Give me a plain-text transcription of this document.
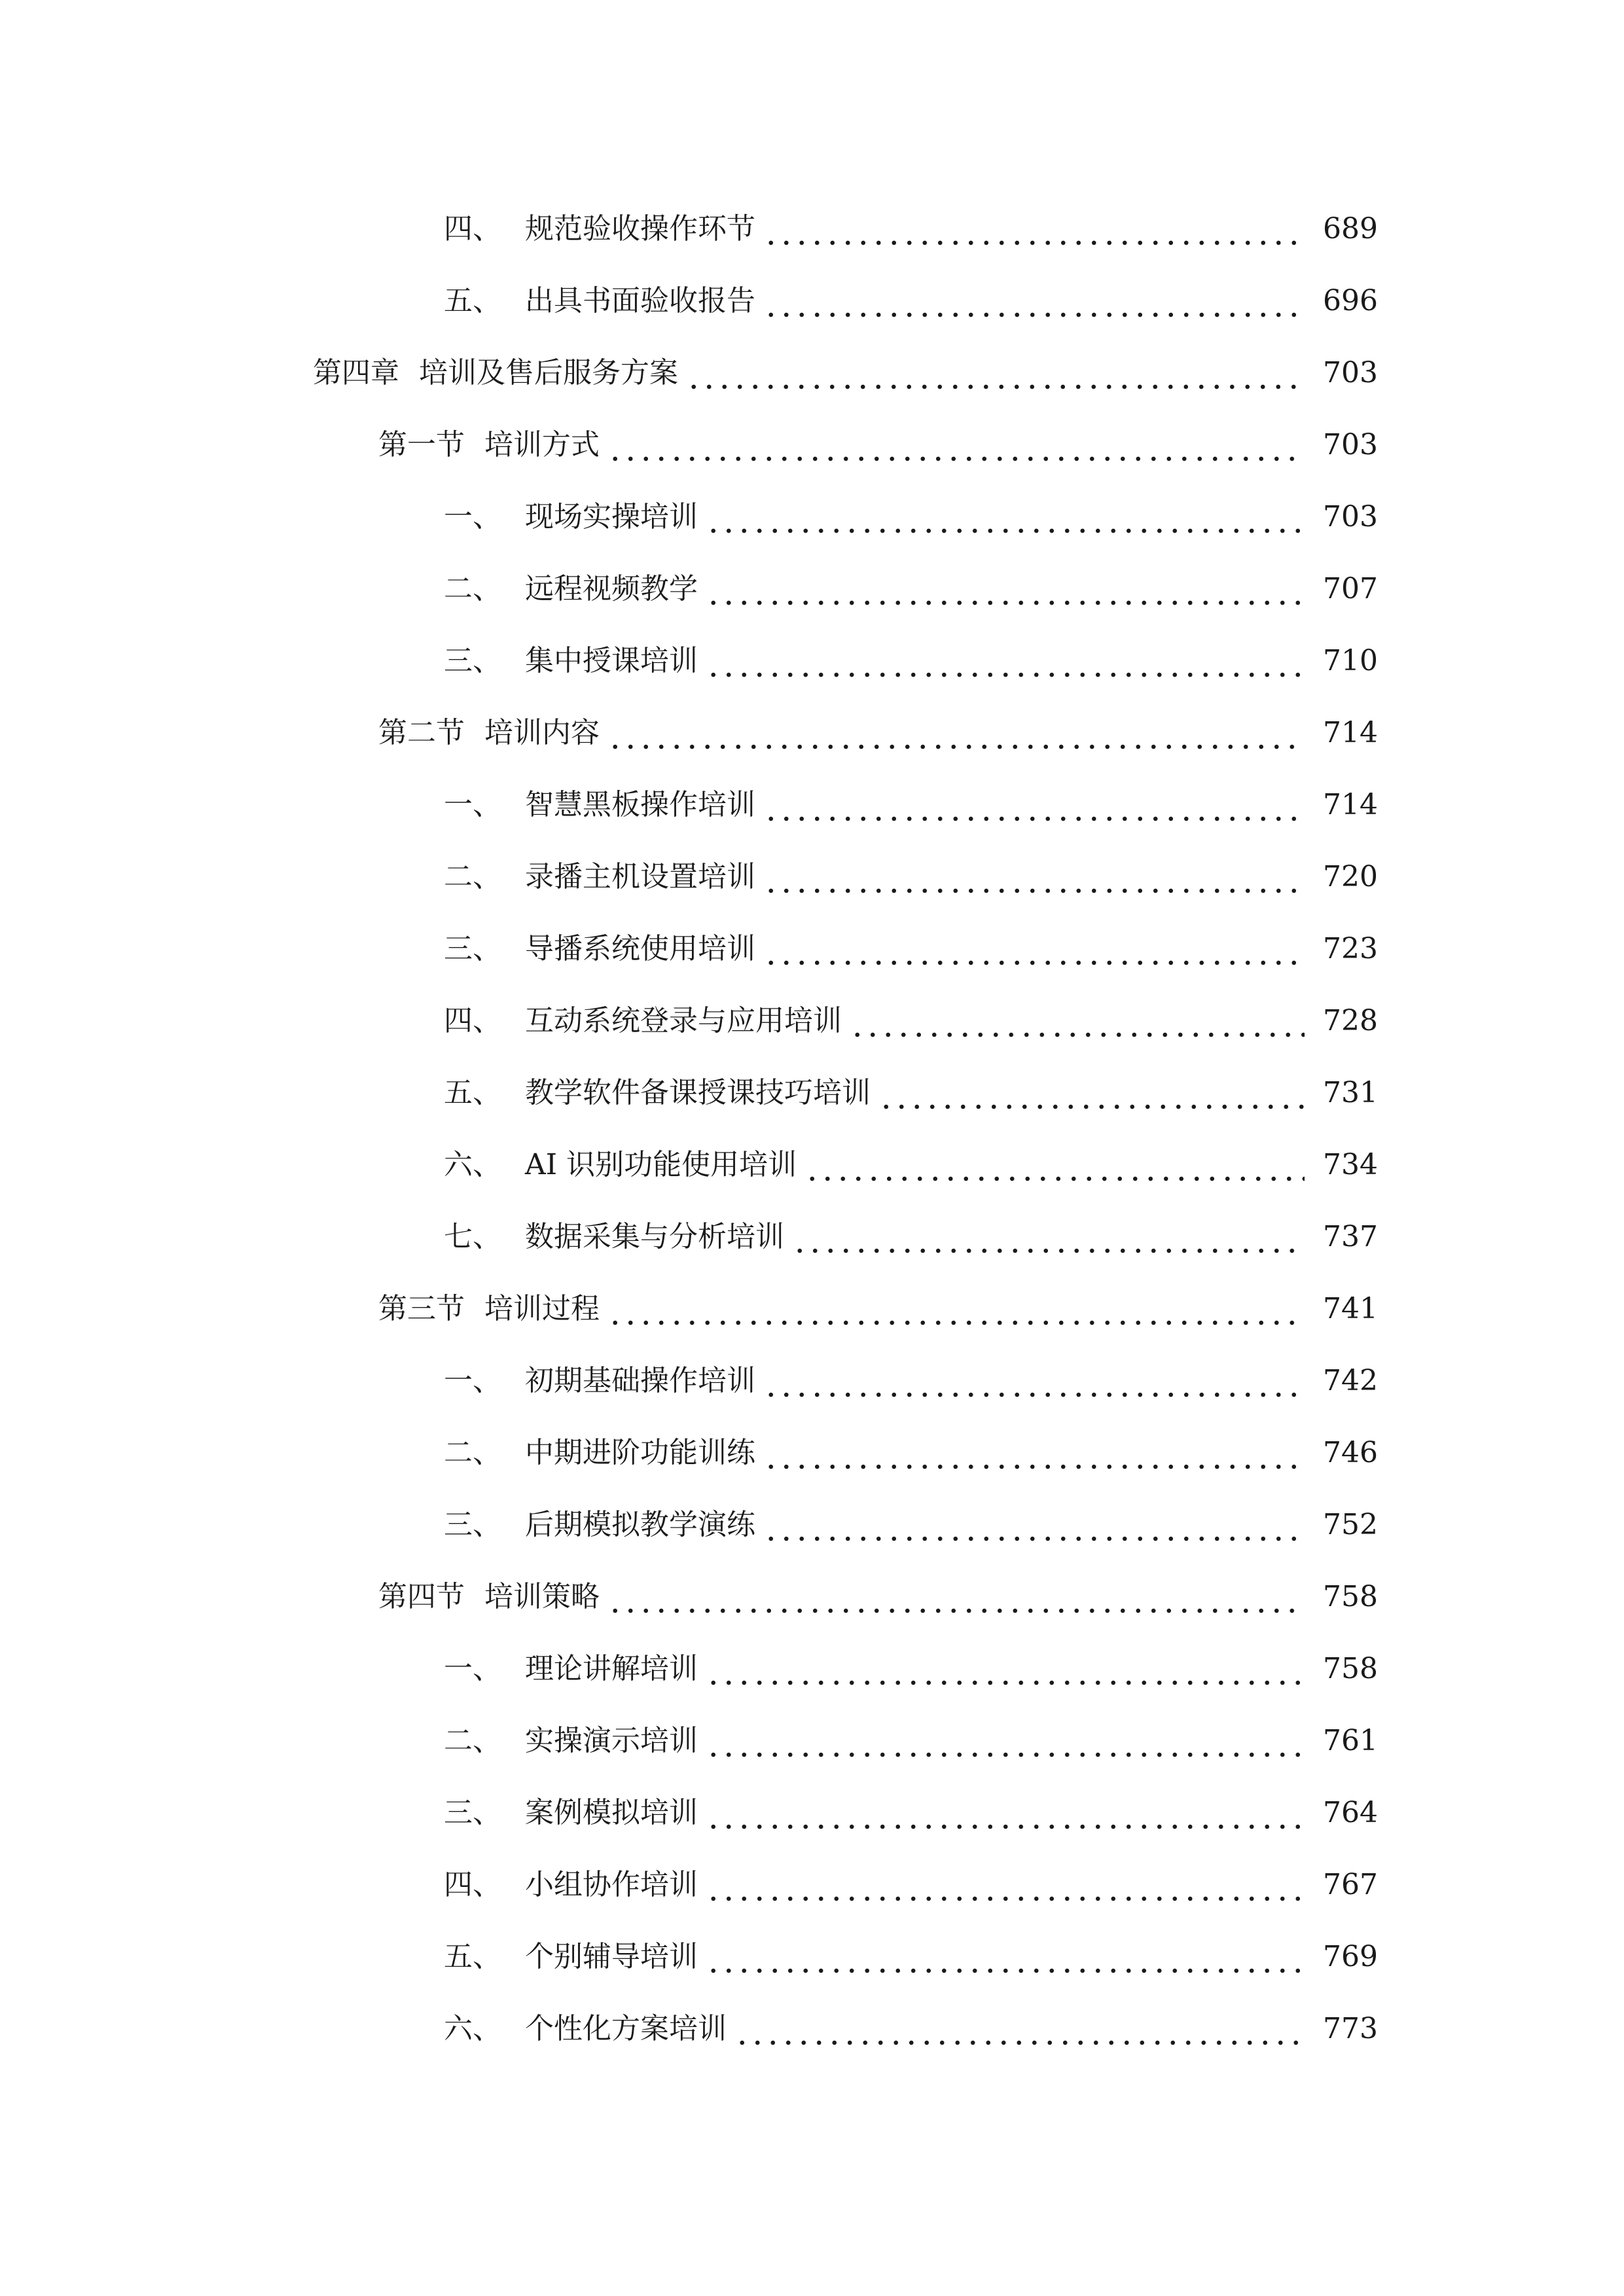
四、 规范验收操作环节	689
五、 出具书面验收报告	696
第四章 培训及售后服务方案	703
第一节 培训方式	703
一、 现场实操培训	703
二、 远程视频教学	707
三、 集中授课培训	710
第二节 培训内容	714
一、 智慧黑板操作培训	714
二、 录播主机设置培训	720
三、 导播系统使用培训	723
四、 互动系统登录与应用培训	728
五、 教学软件备课授课技巧培训	731
六、 AI 识别功能使用培训	734
七、 数据采集与分析培训	737
第三节 培训过程	741
一、 初期基础操作培训	742
二、 中期进阶功能训练	746
三、 后期模拟教学演练	752
第四节 培训策略	758
一、 理论讲解培训	758
二、 实操演示培训	761
三、 案例模拟培训	764
四、 小组协作培训	767
五、 个别辅导培训	769
六、 个性化方案培训	773
